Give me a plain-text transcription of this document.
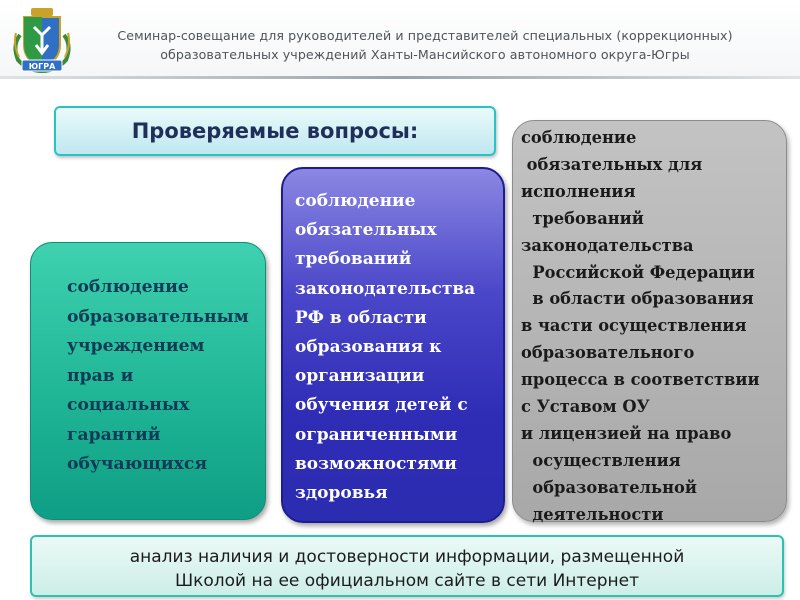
ЮГРА
Семинар-совещание для руководителей и представителей специальных (коррекционных)
образовательных учреждений Ханты-Мансийского автономного округа-Югры
Проверяемые вопросы:
соблюдение
образовательным
учреждением
прав и
социальных
гарантий
обучающихся
соблюдение
обязательных
требований
законодательства
РФ в области
образования к
организации
обучения детей с
ограниченными
возможностями
здоровья
соблюдение
обязательных для
исполнения
требований
законодательства
Российской Федерации
в области образования
в части осуществления
образовательного
процесса в соответствии
с Уставом ОУ
и лицензией на право
осуществления
образовательной
деятельности
анализ наличия и достоверности информации, размещенной
Школой на ее официальном сайте в сети Интернет
